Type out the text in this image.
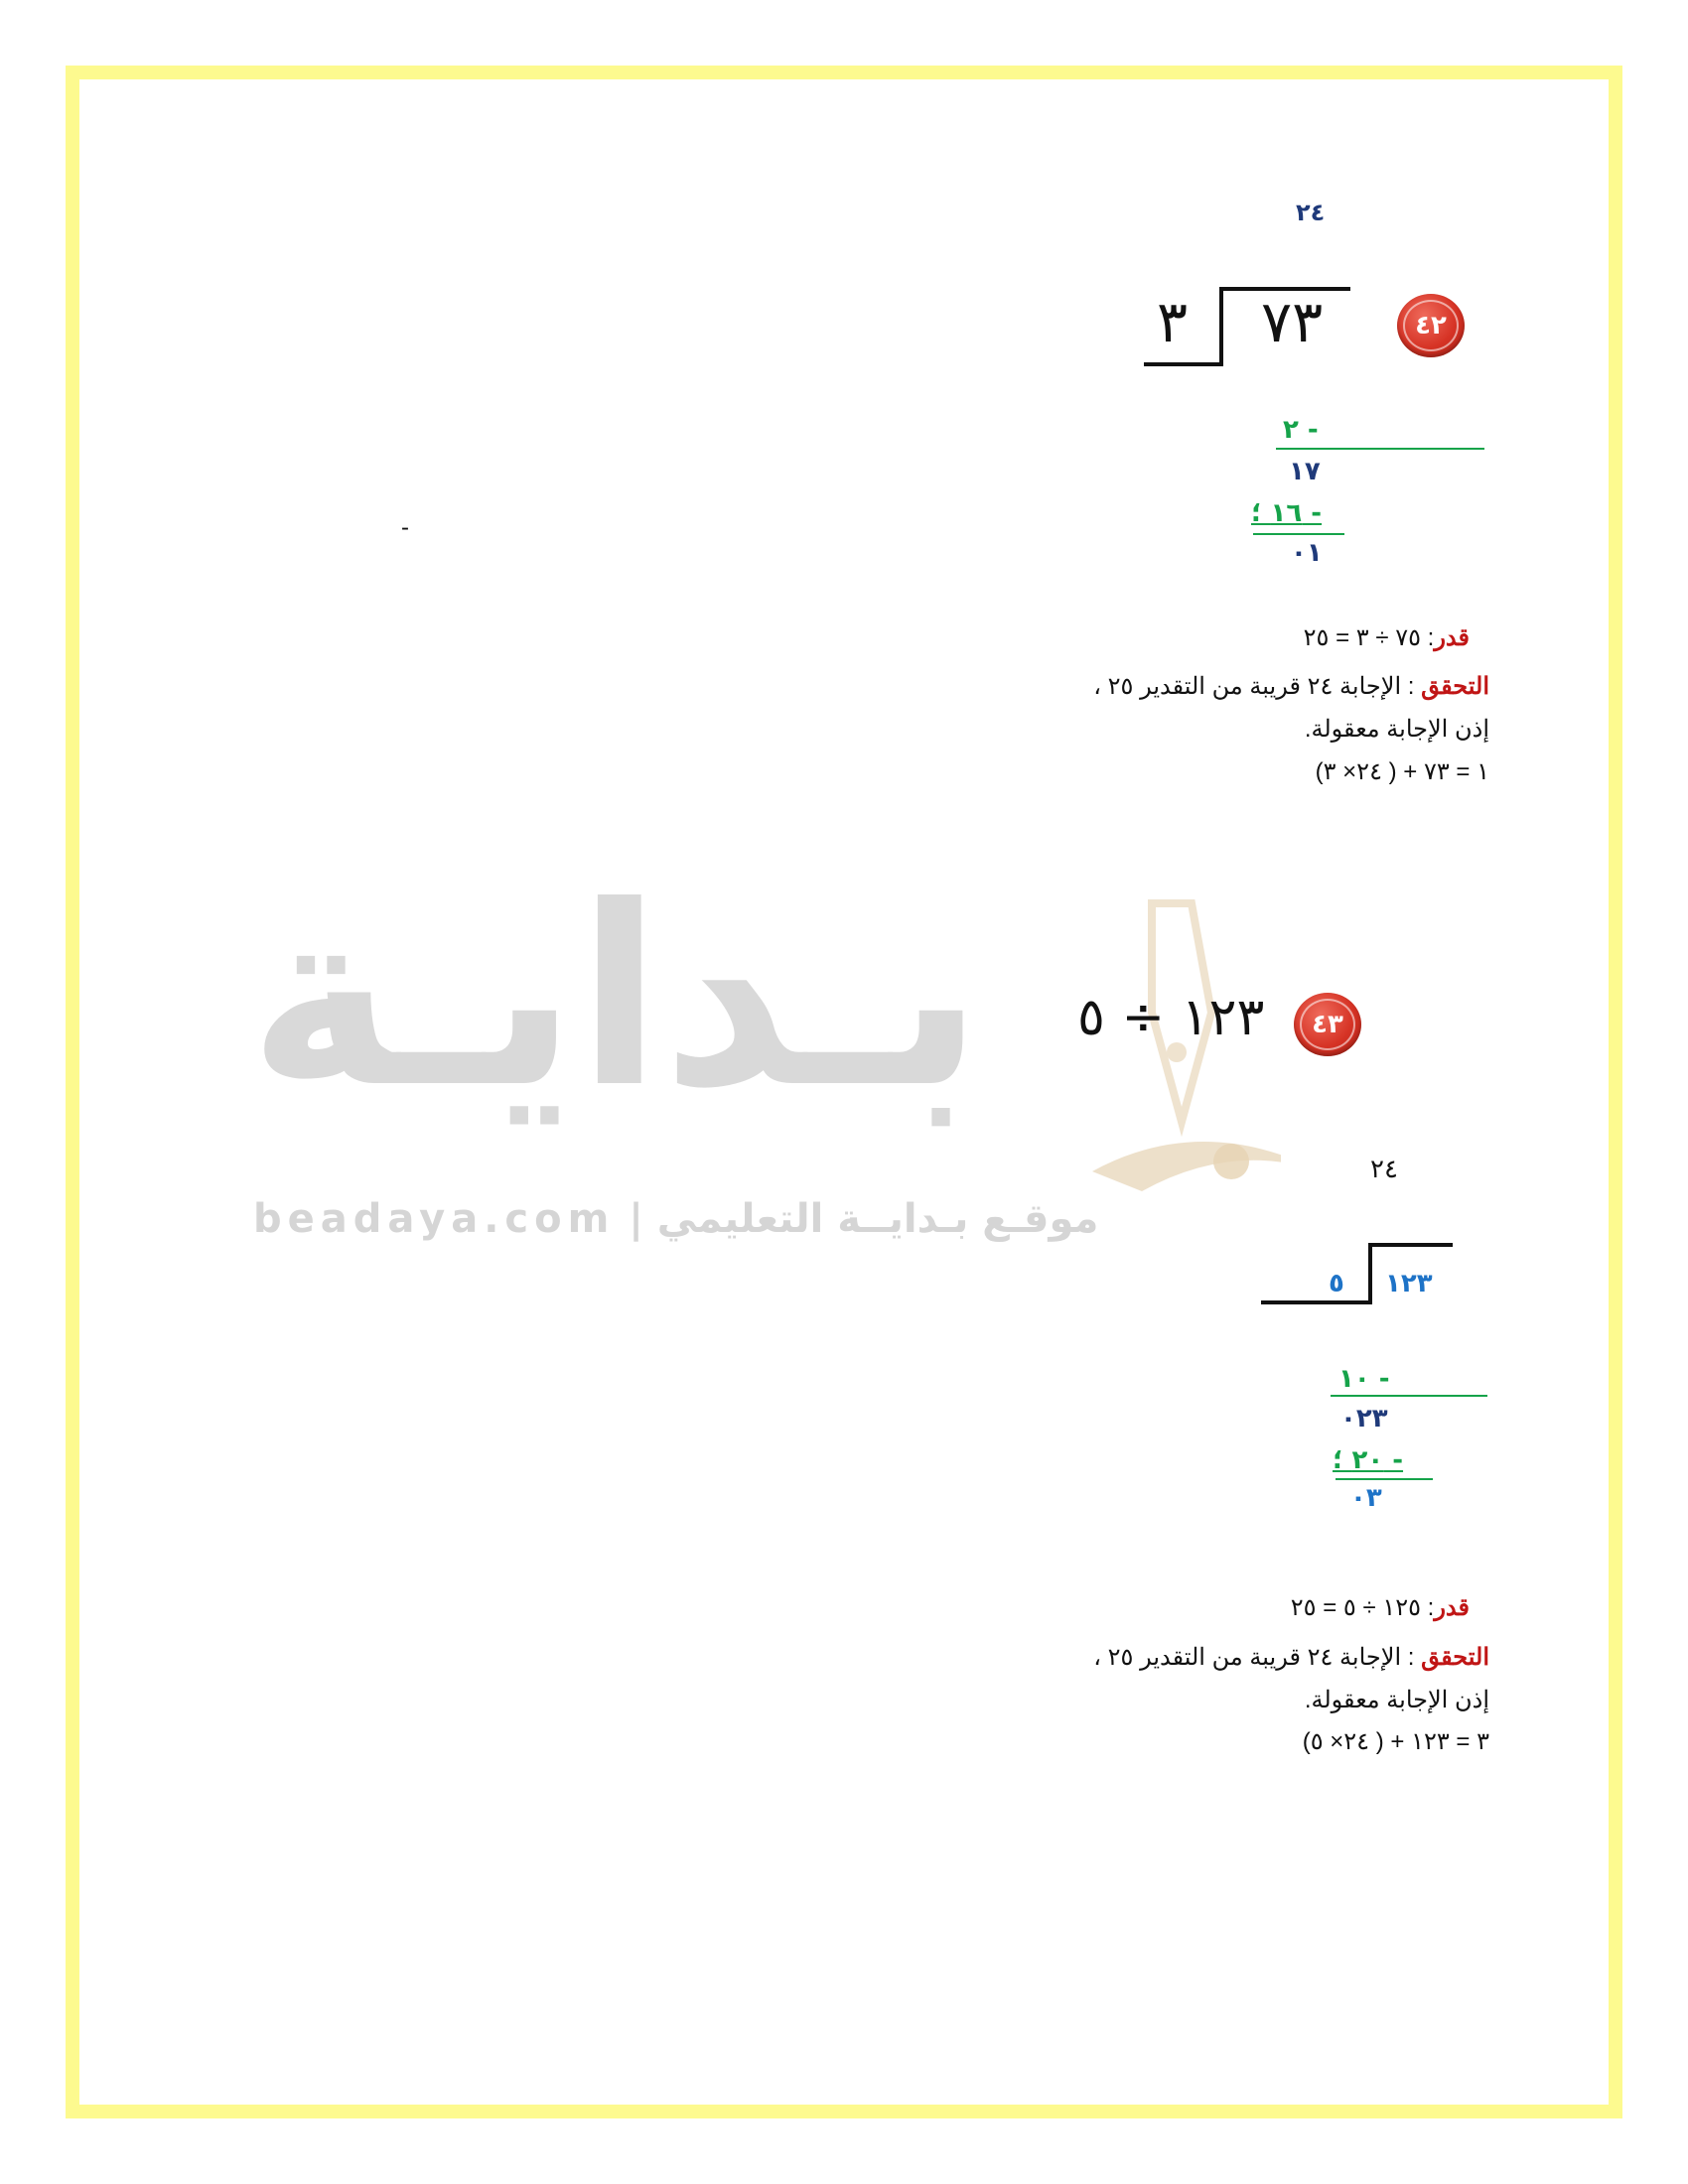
بـدايـة
موقـع بـدايــة التعليمي | beadaya.com
٢٤
٤٢
٧٣
٣
٢ -
١٧
- ١٦ ؛
٠١
-
قدر: ٧٥ ÷ ٣ = ٢٥
التحقق : الإجابة ٢٤ قريبة من التقدير ٢٥ ،
إذن الإجابة معقولة.
(٢٤× ٣ ) + ١ = ٧٣
٤٣
١٢٣ ÷ ٥
٢٤
١٢٣
٥
١٠ -
٠٢٣
- ٢٠ ؛
٠٣
قدر: ١٢٥ ÷ ٥ = ٢٥
التحقق : الإجابة ٢٤ قريبة من التقدير ٢٥ ،
إذن الإجابة معقولة.
(٢٤× ٥ ) + ٣ = ١٢٣
